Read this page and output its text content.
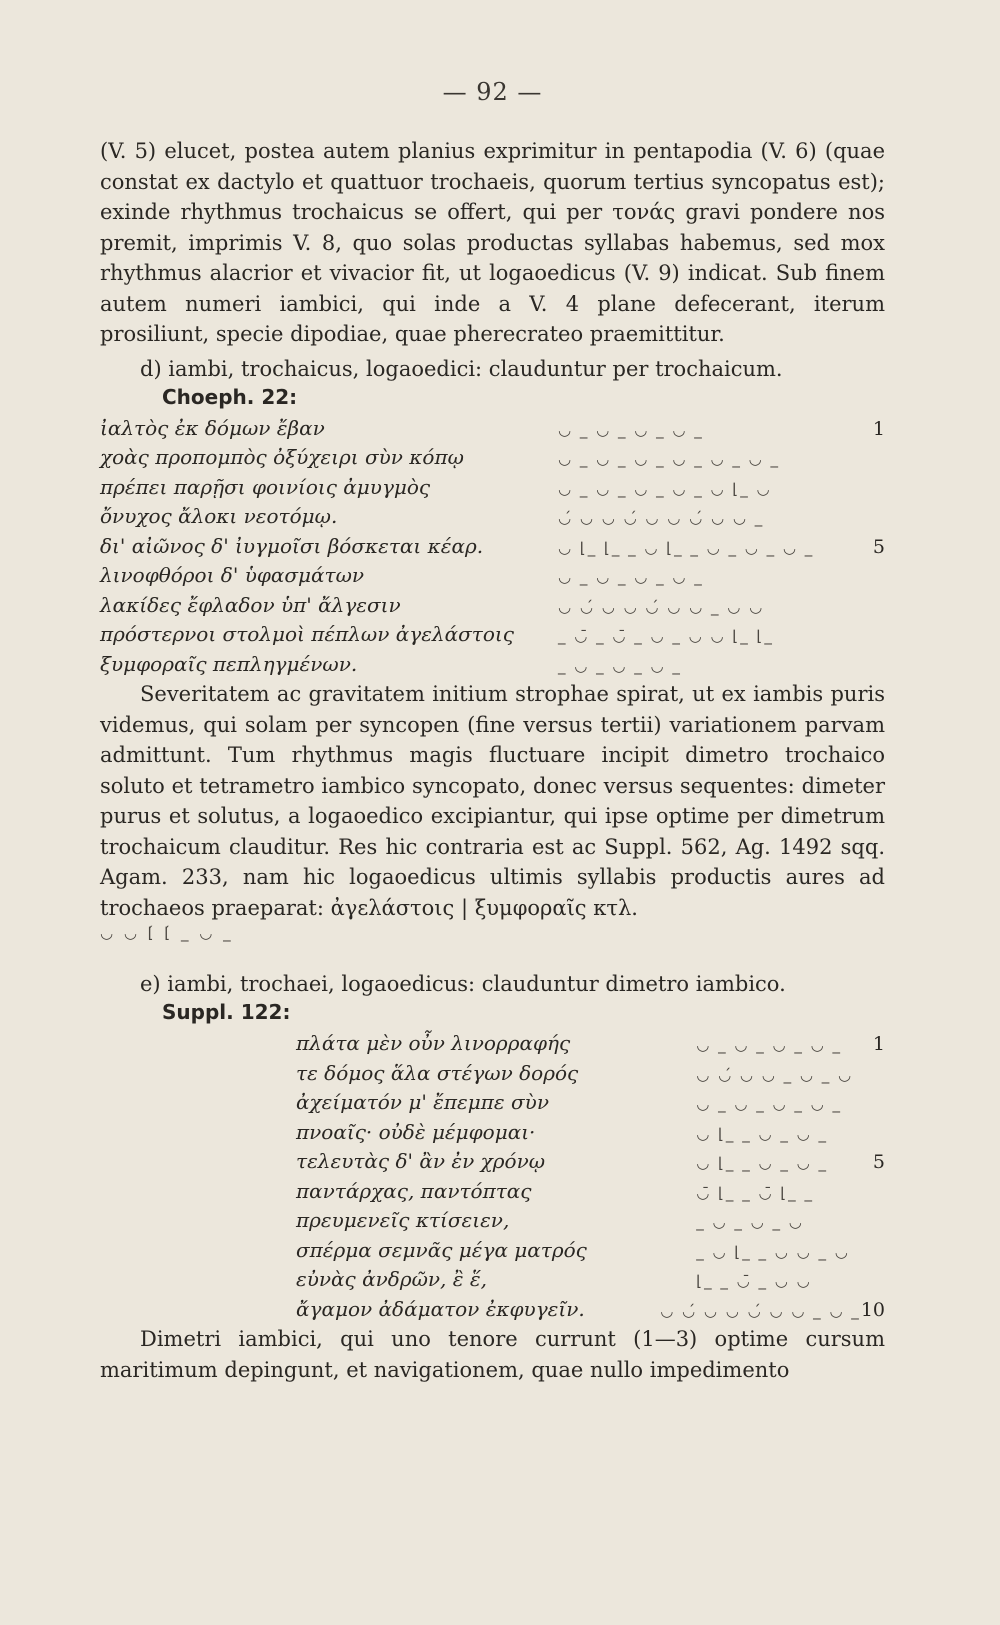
— 92 —

(V. 5) elucet, postea autem planius exprimitur in pentapodia (V. 6) (quae constat ex dactylo et quattuor trochaeis, quorum tertius syncopatus est); exinde rhythmus trochaicus se offert, qui per τονάς gravi pondere nos premit, imprimis V. 8, quo solas productas syllabas habemus, sed mox rhythmus alacrior et vivacior fit, ut logaoedicus (V. 9) indicat. Sub finem autem numeri iambici, qui inde a V. 4 plane defecerant, iterum prosiliunt, specie dipodiae, quae pherecrateo praemittitur.

d) iambi, trochaicus, logaoedici: clauduntur per trochaicum.
Choeph. 22:
ἰαλτὸς ἐκ δόμων ἔβαν	◡ _ ◡ _ ◡ _ ◡ _	1
χοὰς προπομπὸς ὀξύχειρι σὺν κόπῳ	◡ _ ◡ _ ◡ _ ◡ _ ◡ _ ◡ _
πρέπει παρῇσι φοινίοις ἀμυγμὸς	◡ _ ◡ _ ◡ _ ◡ _ ◡ ⌊_ ◡
ὄνυχος ἄλοκι νεοτόμῳ.	◡́ ◡ ◡ ◡́ ◡ ◡ ◡́ ◡ ◡ _
δι' αἰῶνος δ' ἰυγμοῖσι βόσκεται κέαρ.	◡ ⌊_ ⌊_ _ ◡ ⌊_ _ ◡ _ ◡ _ ◡ _	5
λινοφθόροι δ' ὑφασμάτων	◡ _ ◡ _ ◡ _ ◡ _
λακίδες ἔφλαδον ὑπ' ἄλγεσιν	◡ ◡́ ◡ ◡ ◡́ ◡ ◡ _ ◡ ◡
πρόστερνοι στολμοὶ πέπλων ἀγελάστοις	_ ◡̄ _ ◡̄ _ ◡ _ ◡ ◡ ⌊_ ⌊_
ξυμφοραῖς πεπληγμένων.	_ ◡ _ ◡ _ ◡ _

Severitatem ac gravitatem initium strophae spirat, ut ex iambis puris videmus, qui solam per syncopen (fine versus tertii) variationem parvam admittunt. Tum rhythmus magis fluctuare incipit dimetro trochaico soluto et tetrametro iambico syncopato, donec versus sequentes: dimeter purus et solutus, a logaoedico excipiantur, qui ipse optime per dimetrum trochaicum clauditur. Res hic contraria est ac Suppl. 562, Ag. 1492 sqq. Agam. 233, nam hic logaoedicus ultimis syllabis productis aures ad trochaeos praeparat: ἀγελάστοις | ξυμφοραῖς κτλ.

◡ ◡ ⌊́ ⌊́ _ ◡ _
e) iambi, trochaei, logaoedicus: clauduntur dimetro iambico.
Suppl. 122:
πλάτα μὲν οὖν λινορραφής	◡ _ ◡ _ ◡ _ ◡ _	1
τε δόμος ἅλα στέγων δορός	◡ ◡́ ◡ ◡ _ ◡ _ ◡
ἀχείματόν μ' ἔπεμπε σὺν	◡ _ ◡ _ ◡ _ ◡ _
πνοαῖς· οὐδὲ μέμφομαι·	◡ ⌊_ _ ◡ _ ◡ _
τελευτὰς δ' ἂν ἐν χρόνῳ	◡ ⌊_ _ ◡ _ ◡ _	5
παντάρχας, παντόπτας	◡̄ ⌊_ _ ◡̄ ⌊_ _
πρευμενεῖς κτίσειεν,	_ ◡ _ ◡ _ ◡
σπέρμα σεμνᾶς μέγα ματρός	_ ◡ ⌊_ _ ◡ ◡ _ ◡
εὐνὰς ἀνδρῶν, ἒ ἕ,	⌊_ _ ◡̄ _ ◡ ◡
ἄγαμον ἀδάματον ἐκφυγεῖν.	◡ ◡́ ◡ ◡ ◡́ ◡ ◡ _ ◡ _ 10

Dimetri iambici, qui uno tenore currunt (1—3) optime cursum maritimum depingunt, et navigationem, quae nullo impedimento
